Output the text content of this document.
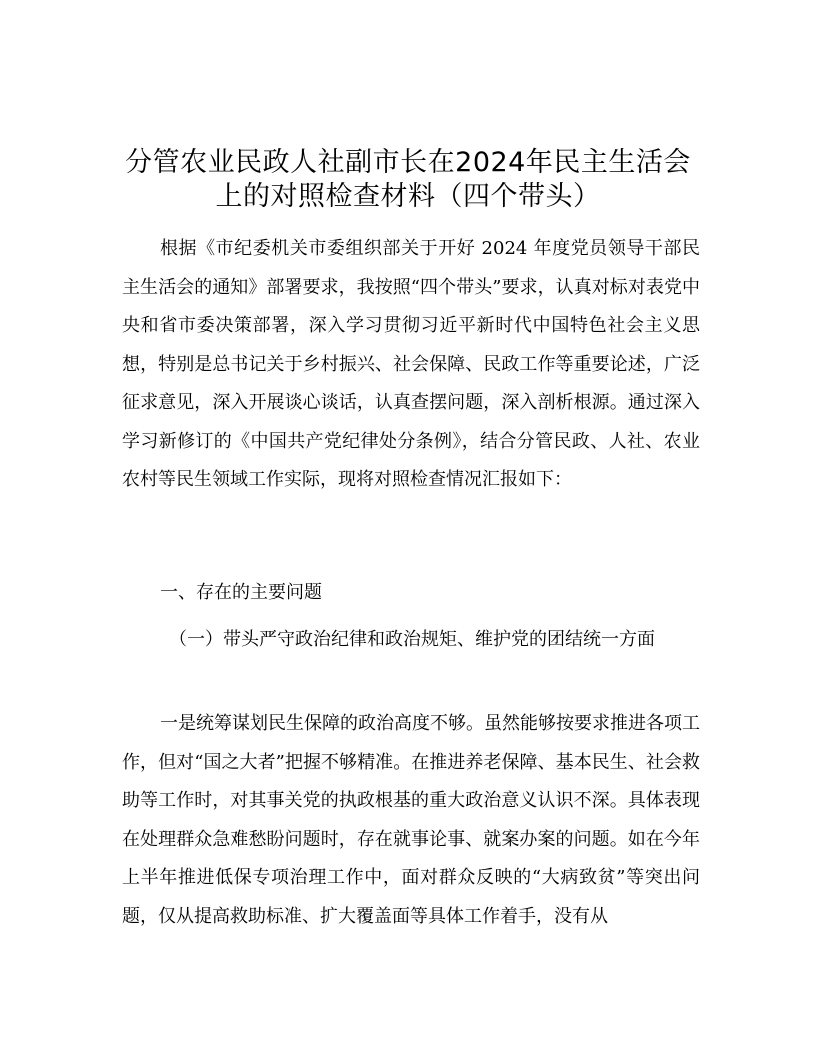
分管农业民政人社副市长在2024年民主生活会
上的对照检查材料（四个带头）

根据《市纪委机关市委组织部关于开好 2024 年度党员领导干部民主生活会的通知》部署要求，我按照“四个带头”要求，认真对标对表党中央和省市委决策部署，深入学习贯彻习近平新时代中国特色社会主义思想，特别是总书记关于乡村振兴、社会保障、民政工作等重要论述，广泛征求意见，深入开展谈心谈话，认真查摆问题，深入剖析根源。通过深入学习新修订的《中国共产党纪律处分条例》，结合分管民政、人社、农业农村等民生领域工作实际，现将对照检查情况汇报如下：

一、存在的主要问题

（一）带头严守政治纪律和政治规矩、维护党的团结统一方面

一是统筹谋划民生保障的政治高度不够。虽然能够按要求推进各项工作，但对“国之大者”把握不够精准。在推进养老保障、基本民生、社会救助等工作时，对其事关党的执政根基的重大政治意义认识不深。具体表现在处理群众急难愁盼问题时，存在就事论事、就案办案的问题。如在今年上半年推进低保专项治理工作中，面对群众反映的“大病致贫”等突出问题，仅从提高救助标准、扩大覆盖面等具体工作着手，没有从
